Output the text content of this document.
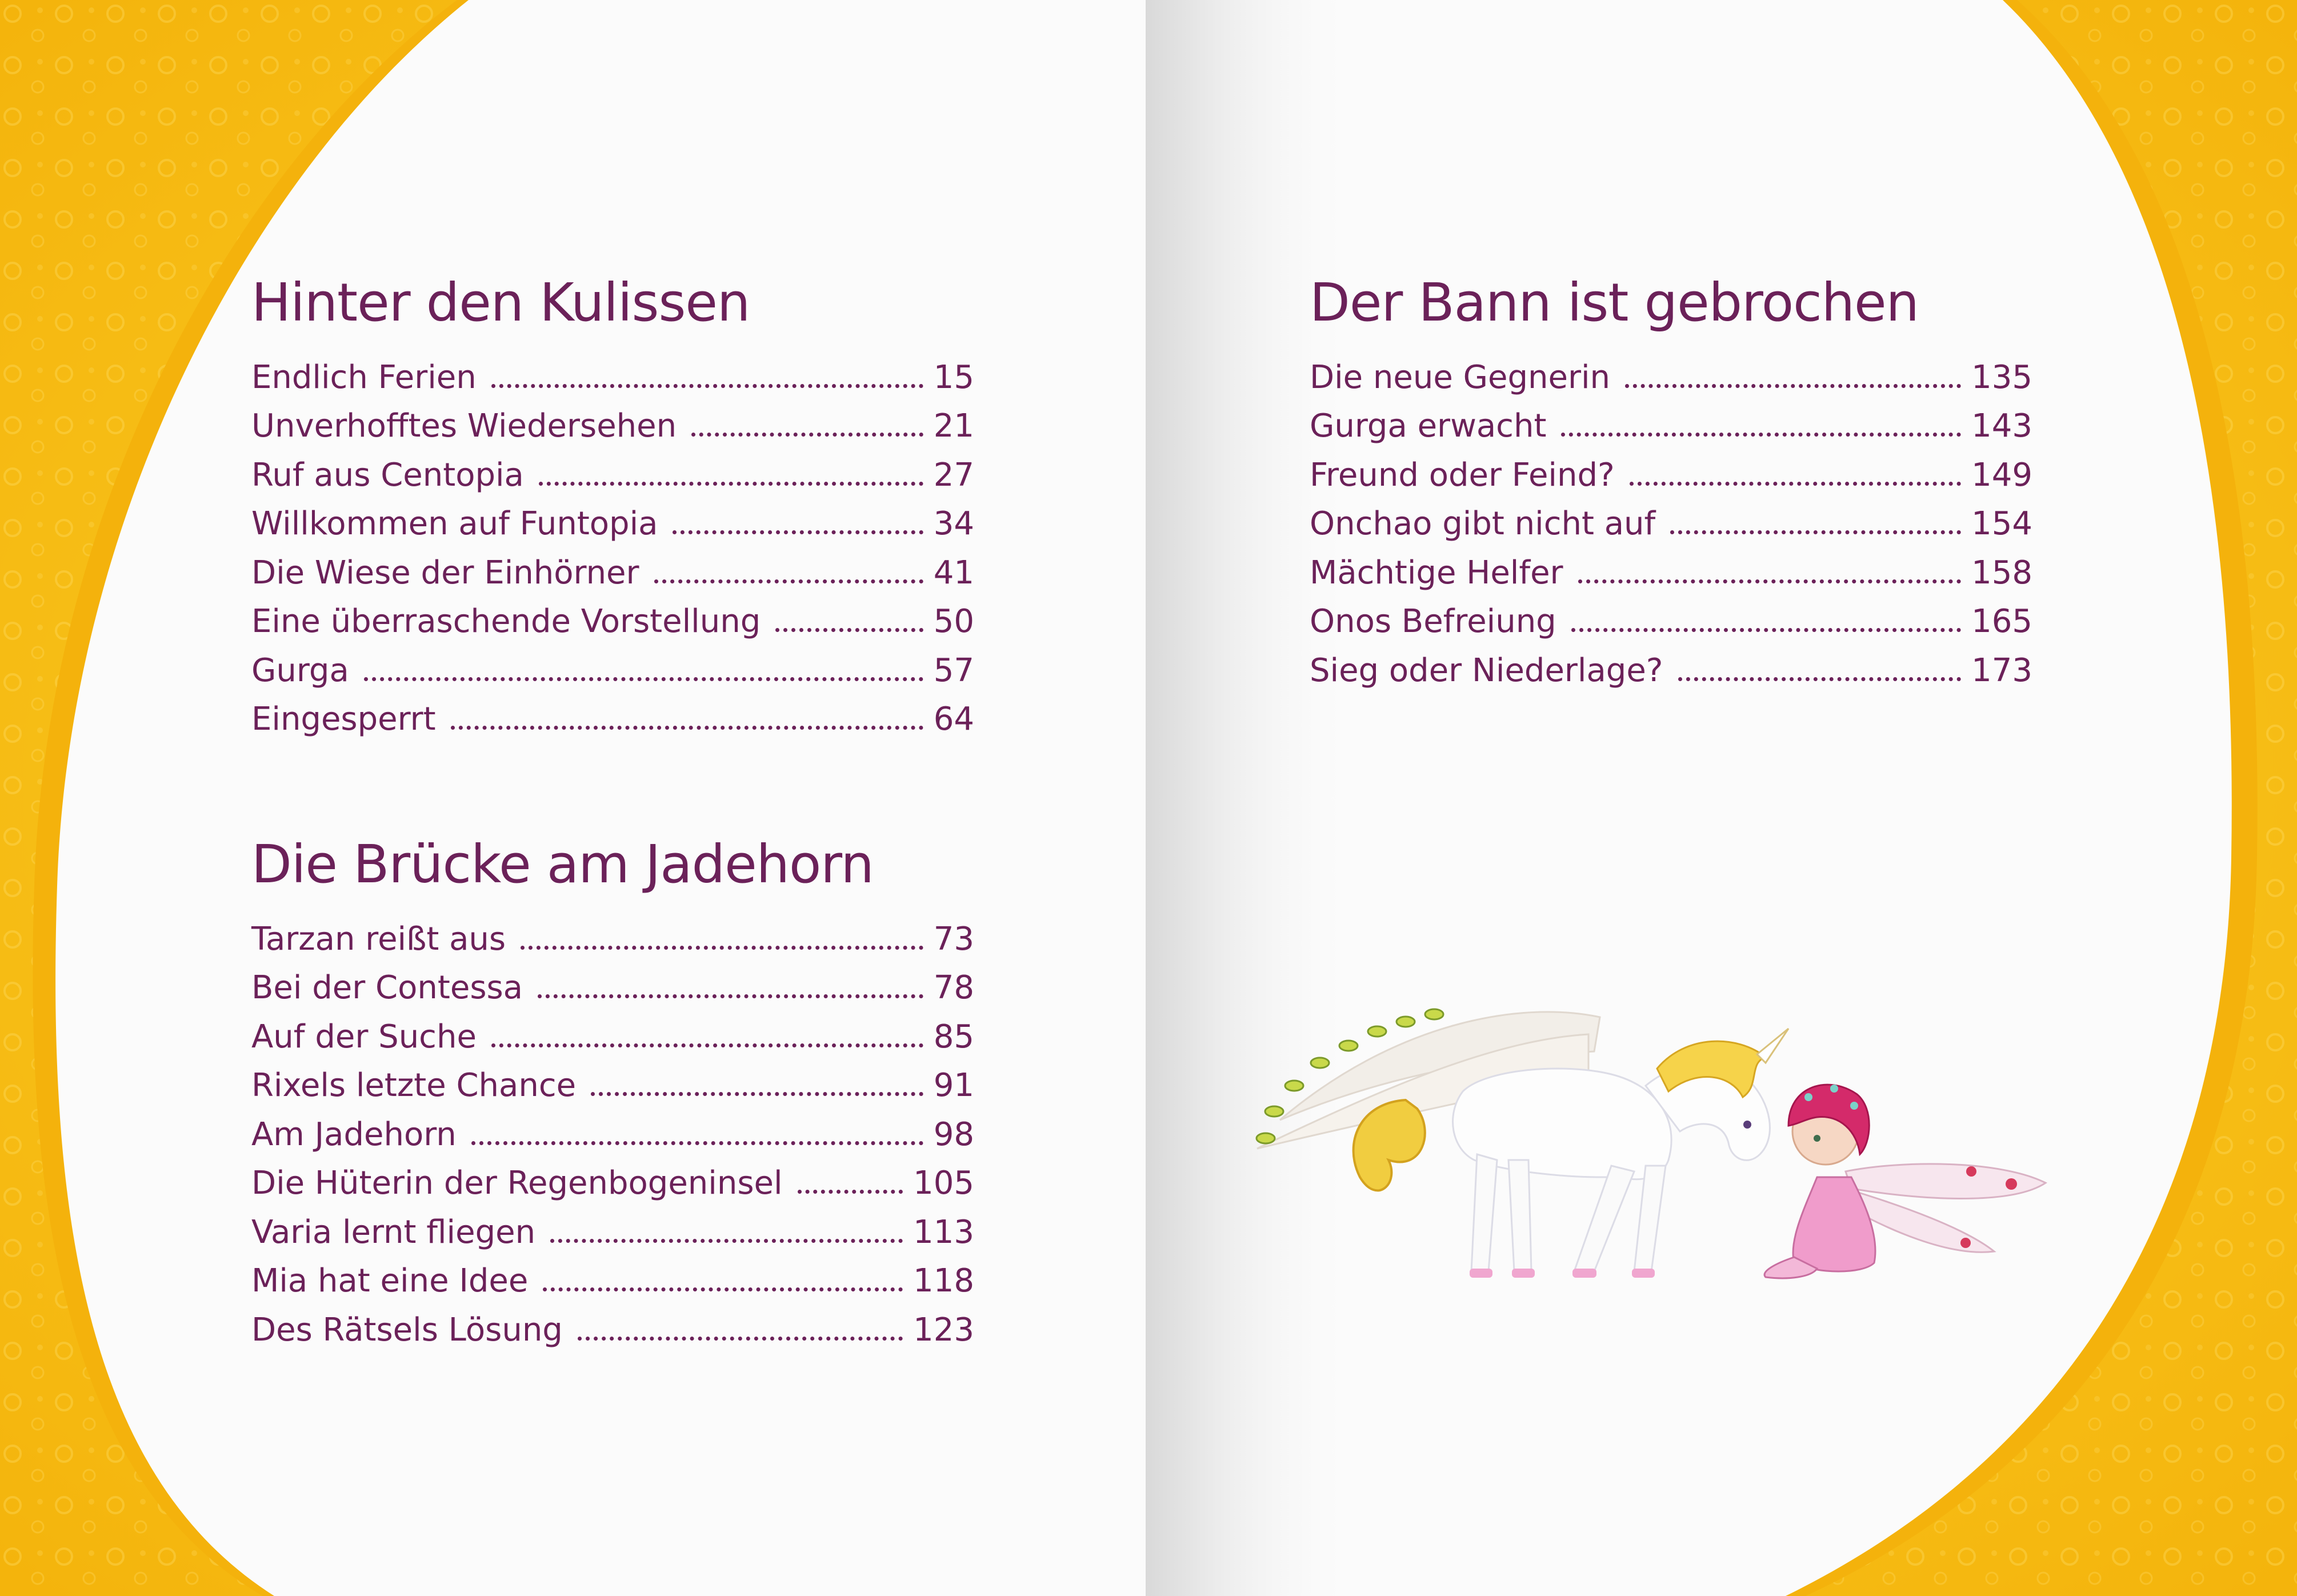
Hinter den Kulissen
Endlich Ferien	15
Unverhofftes Wiedersehen	21
Ruf aus Centopia	27
Willkommen auf Funtopia	34
Die Wiese der Einhörner	41
Eine überraschende Vorstellung	50
Gurga	57
Eingesperrt	64
Die Brücke am Jadehorn
Tarzan reißt aus	73
Bei der Contessa	78
Auf der Suche	85
Rixels letzte Chance	91
Am Jadehorn	98
Die Hüterin der Regenbogeninsel	105
Varia lernt fliegen	113
Mia hat eine Idee	118
Des Rätsels Lösung	123
Der Bann ist gebrochen
Die neue Gegnerin	135
Gurga erwacht	143
Freund oder Feind?	149
Onchao gibt nicht auf	154
Mächtige Helfer	158
Onos Befreiung	165
Sieg oder Niederlage?	173
